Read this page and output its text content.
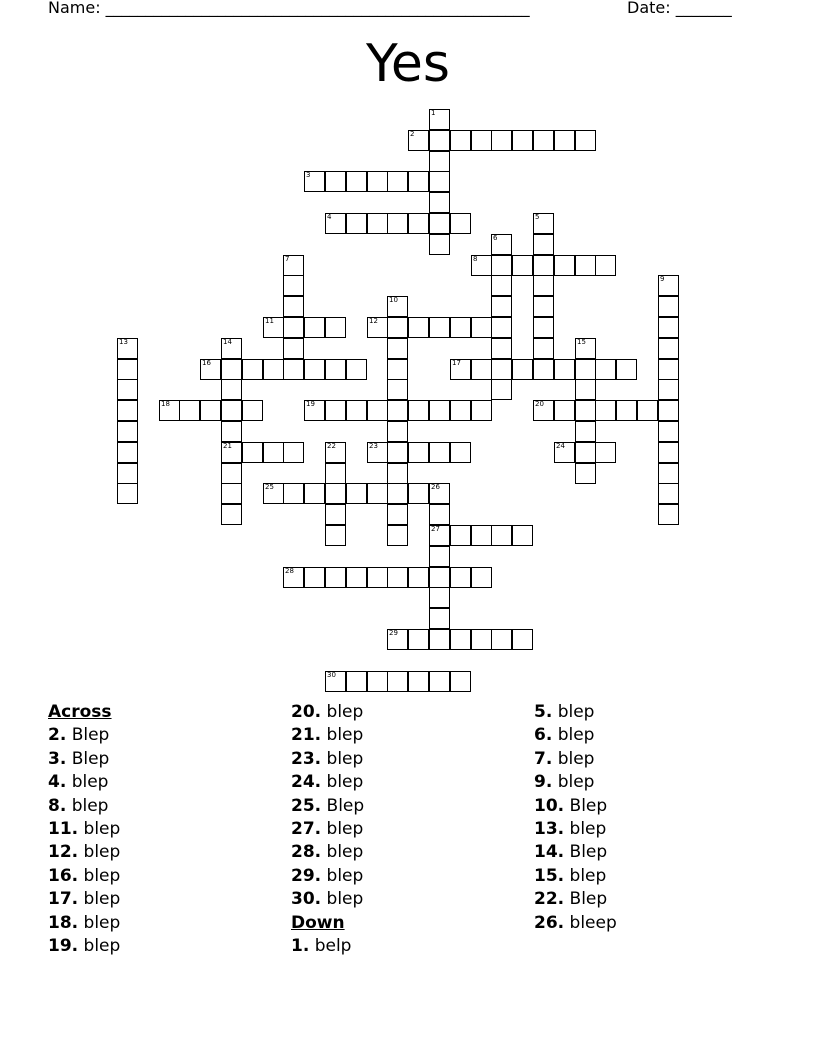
Name: _____________________________________________________	Date: _______
Yes
1
2
3
4	5
6
7	8
9
10
11	12
13	14
21
15
16	17
18	19	20
22	23	24
25	26
27
28
29
30
Across
2. Blep
3. Blep
4. blep
8. blep
11. blep
12. blep
16. blep
17. blep
18. blep
19. blep
20. blep
21. blep
23. blep
24. blep
25. Blep
27. blep
28. blep
29. blep
30. blep
Down
1. belp
5. blep
6. blep
7. blep
9. blep
10. Blep
13. blep
14. Blep
15. blep
22. Blep
26. bleep
